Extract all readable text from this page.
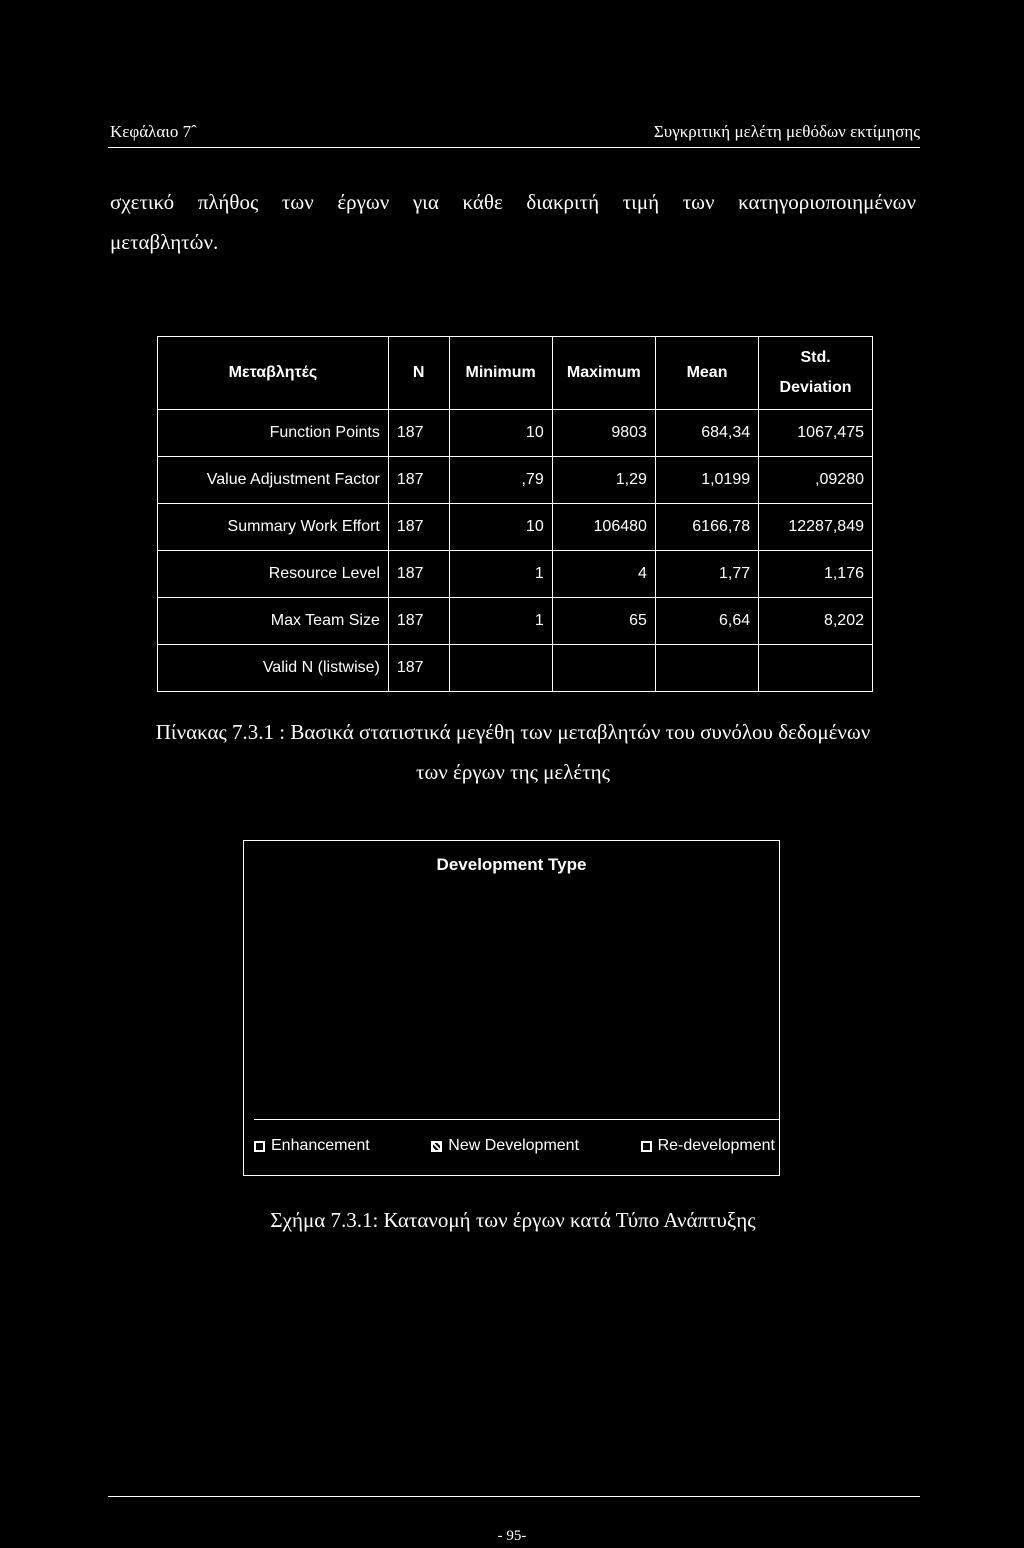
Κεφάλαιο 7ˆ	Συγκριτική μελέτη μεθόδων εκτίμησης
σχετικό πλήθος των έργων για κάθε διακριτή τιμή των κατηγοριοποιημένων
μεταβλητών.
Μεταβλητές	N	Minimum	Maximum	Mean	Std.
Deviation
Function Points	187	10	9803	684,34	1067,475
Value Adjustment Factor	187	,79	1,29	1,0199	,09280
Summary Work Effort	187	10	106480	6166,78	12287,849
Resource Level	187	1	4	1,77	1,176
Max Team Size	187	1	65	6,64	8,202
Valid N (listwise)	187				
Πίνακας 7.3.1 : Βασικά στατιστικά μεγέθη των μεταβλητών του συνόλου δεδομένων
των έργων της μελέτης
Development Type
Enhancement	New Development	Re-development
Σχήμα 7.3.1: Κατανομή των έργων κατά Τύπο Ανάπτυξης
- 95-
